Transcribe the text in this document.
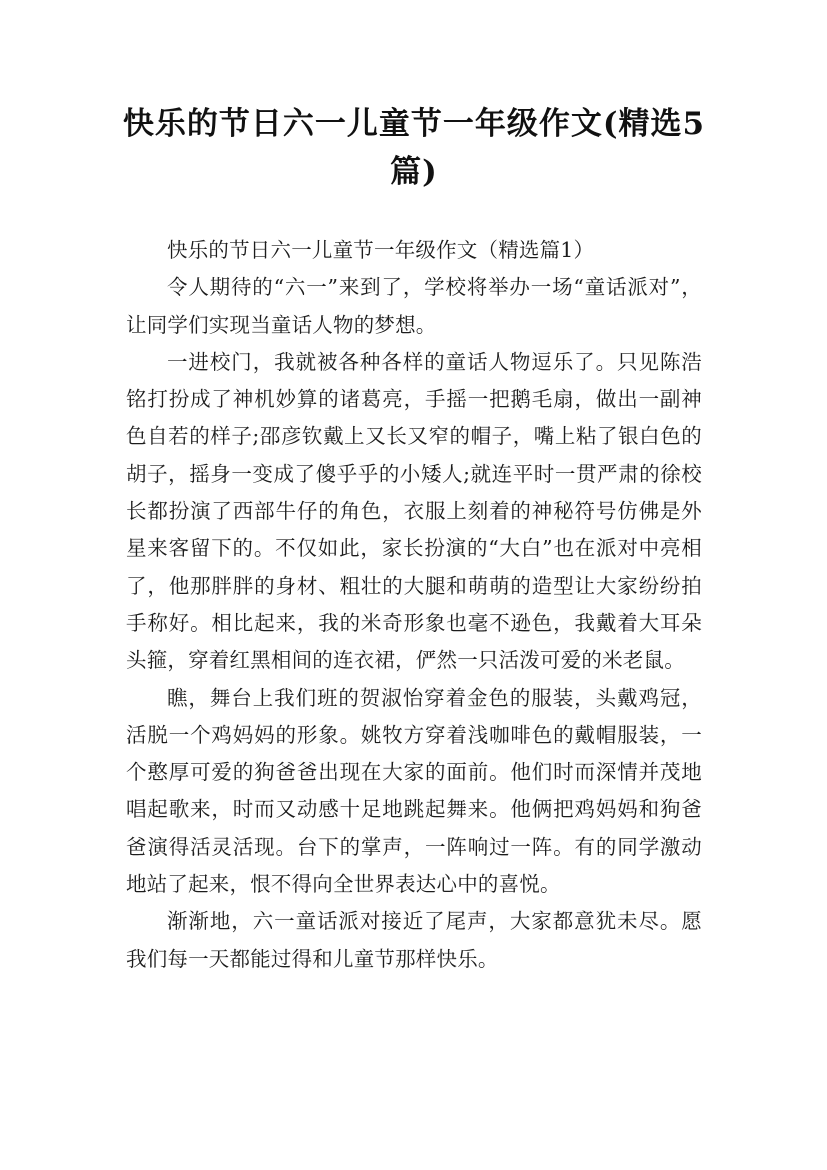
快乐的节日六一儿童节一年级作文(精选5篇)

快乐的节日六一儿童节一年级作文（精选篇1）

令人期待的“六一”来到了，学校将举办一场“童话派对”，让同学们实现当童话人物的梦想。

一进校门，我就被各种各样的童话人物逗乐了。只见陈浩铭打扮成了神机妙算的诸葛亮，手摇一把鹅毛扇，做出一副神色自若的样子;邵彦钦戴上又长又窄的帽子，嘴上粘了银白色的胡子，摇身一变成了傻乎乎的小矮人;就连平时一贯严肃的徐校长都扮演了西部牛仔的角色，衣服上刻着的神秘符号仿佛是外星来客留下的。不仅如此，家长扮演的“大白”也在派对中亮相了，他那胖胖的身材、粗壮的大腿和萌萌的造型让大家纷纷拍手称好。相比起来，我的米奇形象也毫不逊色，我戴着大耳朵头箍，穿着红黑相间的连衣裙，俨然一只活泼可爱的米老鼠。

瞧，舞台上我们班的贺淑怡穿着金色的服装，头戴鸡冠，活脱一个鸡妈妈的形象。姚牧方穿着浅咖啡色的戴帽服装，一个憨厚可爱的狗爸爸出现在大家的面前。他们时而深情并茂地唱起歌来，时而又动感十足地跳起舞来。他俩把鸡妈妈和狗爸爸演得活灵活现。台下的掌声，一阵响过一阵。有的同学激动地站了起来，恨不得向全世界表达心中的喜悦。

渐渐地，六一童话派对接近了尾声，大家都意犹未尽。愿我们每一天都能过得和儿童节那样快乐。
